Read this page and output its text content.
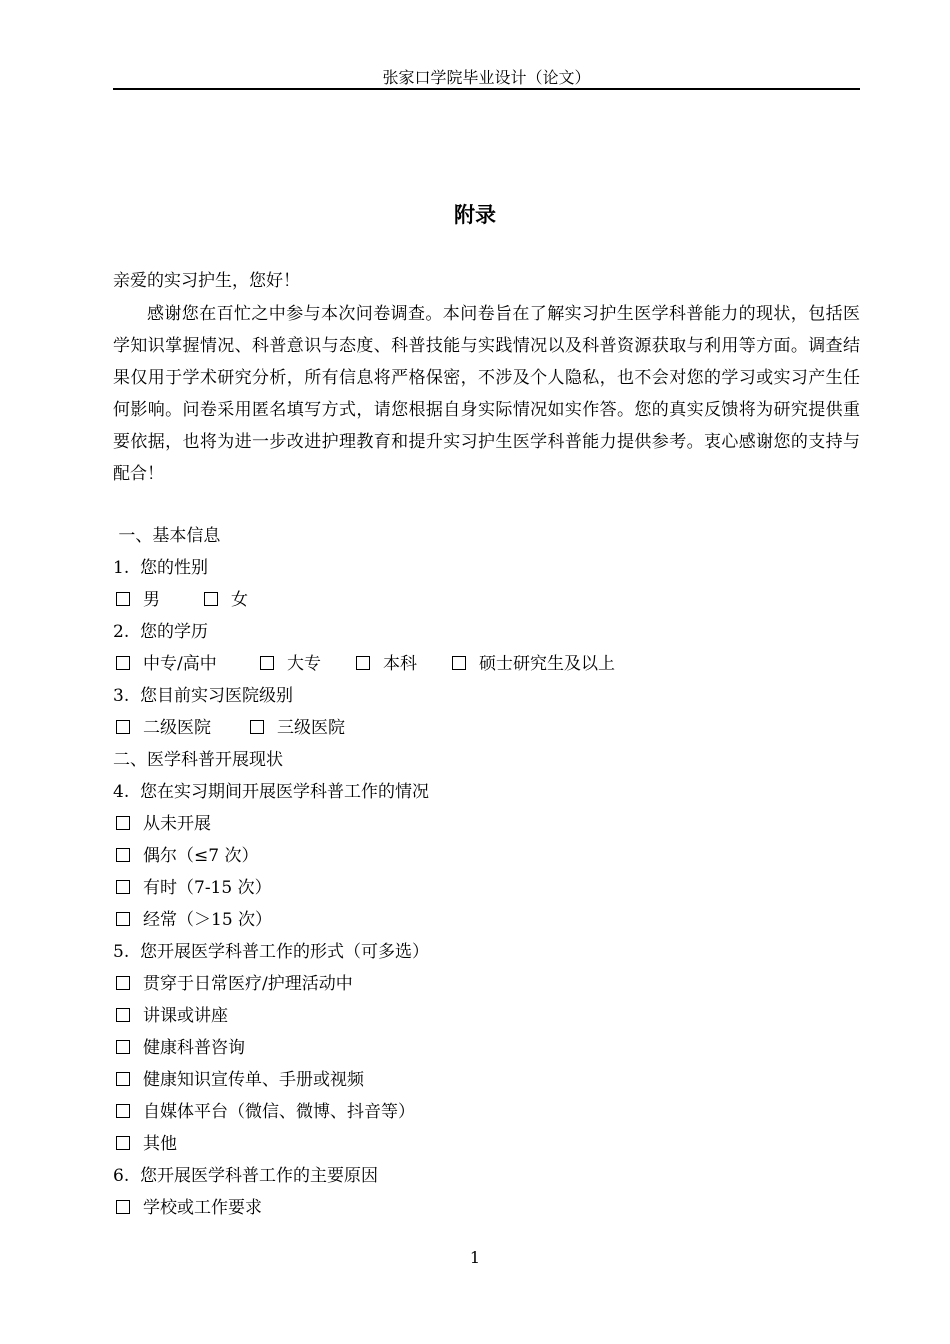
张家口学院毕业设计（论文）
附录
亲爱的实习护生，您好！
感谢您在百忙之中参与本次问卷调查。本问卷旨在了解实习护生医学科普能力的现状，包括医学知识掌握情况、科普意识与态度、科普技能与实践情况以及科普资源获取与利用等方面。调查结果仅用于学术研究分析，所有信息将严格保密，不涉及个人隐私，也不会对您的学习或实习产生任何影响。问卷采用匿名填写方式，请您根据自身实际情况如实作答。您的真实反馈将为研究提供重要依据，也将为进一步改进护理教育和提升实习护生医学科普能力提供参考。衷心感谢您的支持与配合！
一、基本信息
1.  您的性别
男	女
2.  您的学历
中专/高中	大专	本科	硕士研究生及以上
3.  您目前实习医院级别
二级医院	三级医院
二、医学科普开展现状
4.  您在实习期间开展医学科普工作的情况
从未开展
偶尔（≤7 次）
有时（7-15 次）
经常（＞15 次）
5.  您开展医学科普工作的形式（可多选）
贯穿于日常医疗/护理活动中
讲课或讲座
健康科普咨询
健康知识宣传单、手册或视频
自媒体平台（微信、微博、抖音等）
其他
6.  您开展医学科普工作的主要原因
学校或工作要求
1
